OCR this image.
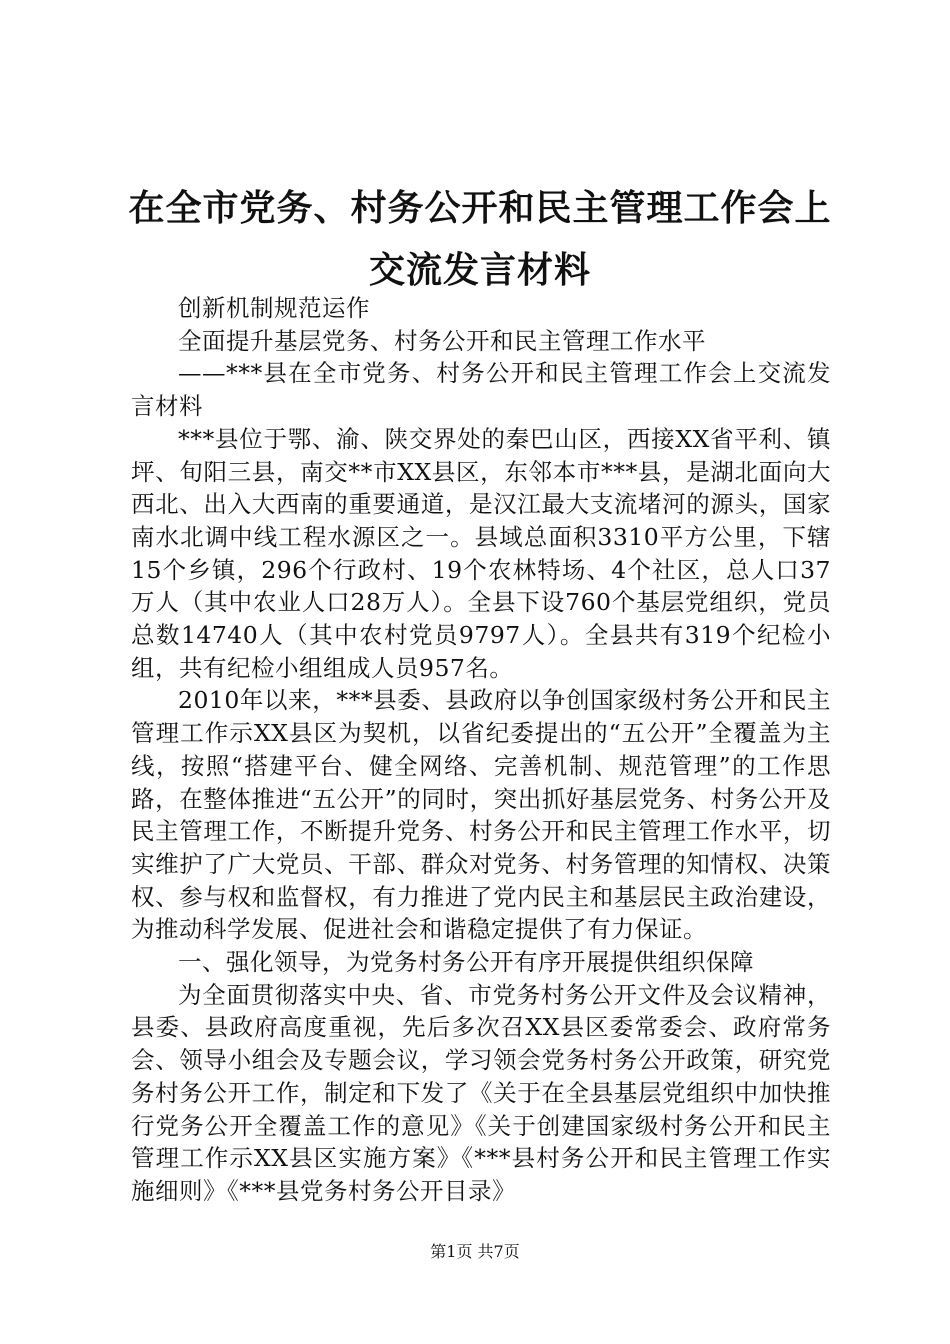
在全市党务、村务公开和民主管理工作会上交流发言材料

创新机制规范运作

全面提升基层党务、村务公开和民主管理工作水平

——***县在全市党务、村务公开和民主管理工作会上交流发言材料

***县位于鄂、渝、陕交界处的秦巴山区，西接XX省平利、镇坪、旬阳三县，南交**市XX县区，东邻本市***县，是湖北面向大西北、出入大西南的重要通道，是汉江最大支流堵河的源头，国家南水北调中线工程水源区之一。县域总面积3310平方公里，下辖15个乡镇，296个行政村、19个农林特场、4个社区，总人口37万人（其中农业人口28万人）。全县下设760个基层党组织，党员总数14740人（其中农村党员9797人）。全县共有319个纪检小组，共有纪检小组组成人员957名。

2010年以来，***县委、县政府以争创国家级村务公开和民主管理工作示XX县区为契机，以省纪委提出的“五公开”全覆盖为主线，按照“搭建平台、健全网络、完善机制、规范管理”的工作思路，在整体推进“五公开”的同时，突出抓好基层党务、村务公开及民主管理工作，不断提升党务、村务公开和民主管理工作水平，切实维护了广大党员、干部、群众对党务、村务管理的知情权、决策权、参与权和监督权，有力推进了党内民主和基层民主政治建设，为推动科学发展、促进社会和谐稳定提供了有力保证。

一、强化领导，为党务村务公开有序开展提供组织保障

为全面贯彻落实中央、省、市党务村务公开文件及会议精神，县委、县政府高度重视，先后多次召XX县区委常委会、政府常务会、领导小组会及专题会议，学习领会党务村务公开政策，研究党务村务公开工作，制定和下发了《关于在全县基层党组织中加快推行党务公开全覆盖工作的意见》《关于创建国家级村务公开和民主管理工作示XX县区实施方案》《***县村务公开和民主管理工作实施细则》《***县党务村务公开目录》

第1页 共7页
